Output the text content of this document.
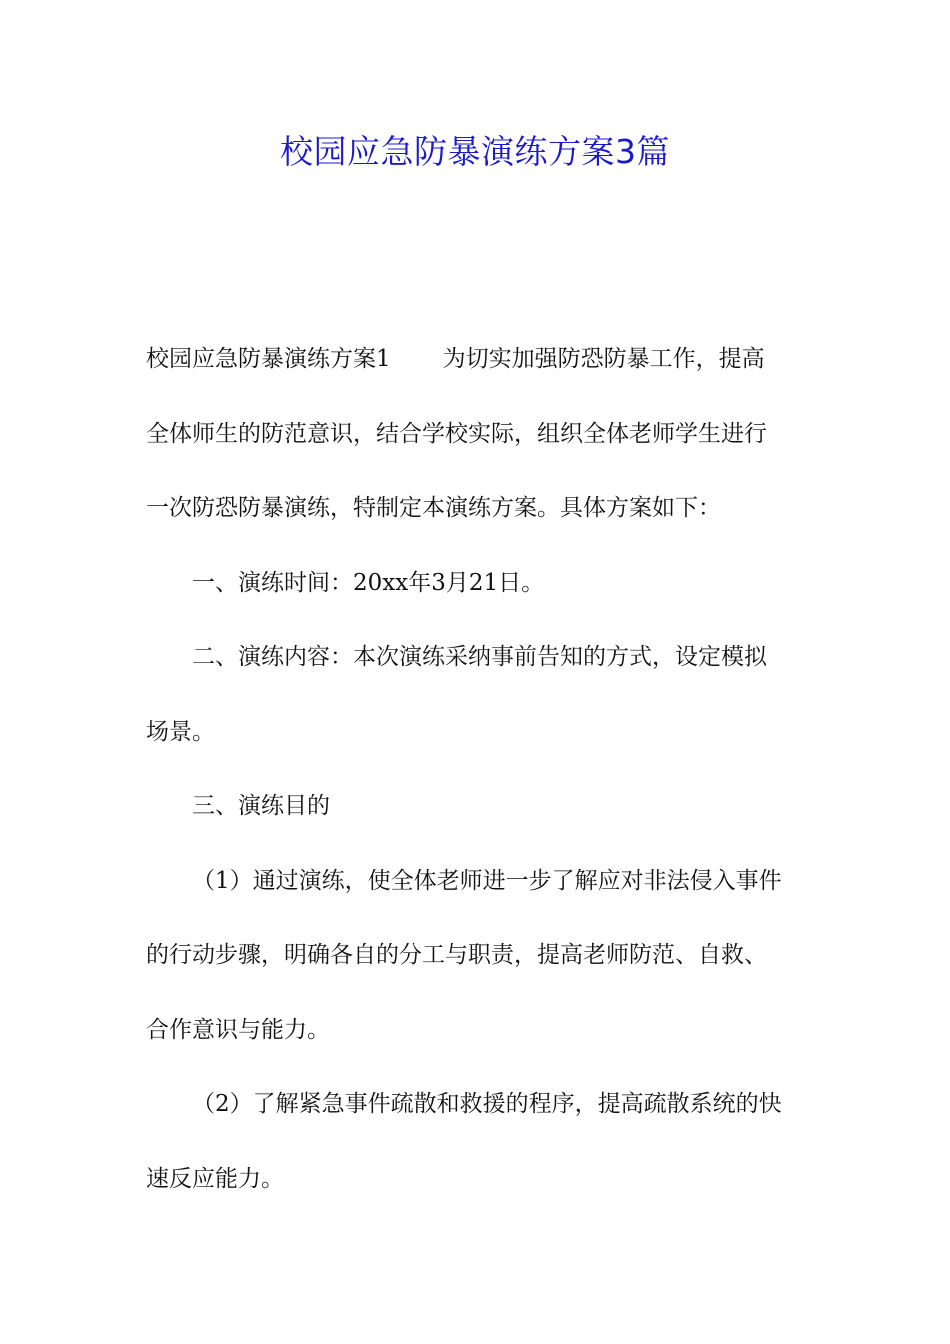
校园应急防暴演练方案3篇
校园应急防暴演练方案1 为切实加强防恐防暴工作，提高
全体师生的防范意识，结合学校实际，组织全体老师学生进行
一次防恐防暴演练，特制定本演练方案。具体方案如下：
一、演练时间：20xx年3月21日。
二、演练内容：本次演练采纳事前告知的方式，设定模拟
场景。
三、演练目的
（1）通过演练，使全体老师进一步了解应对非法侵入事件
的行动步骤，明确各自的分工与职责，提高老师防范、自救、
合作意识与能力。
（2）了解紧急事件疏散和救援的程序，提高疏散系统的快
速反应能力。
